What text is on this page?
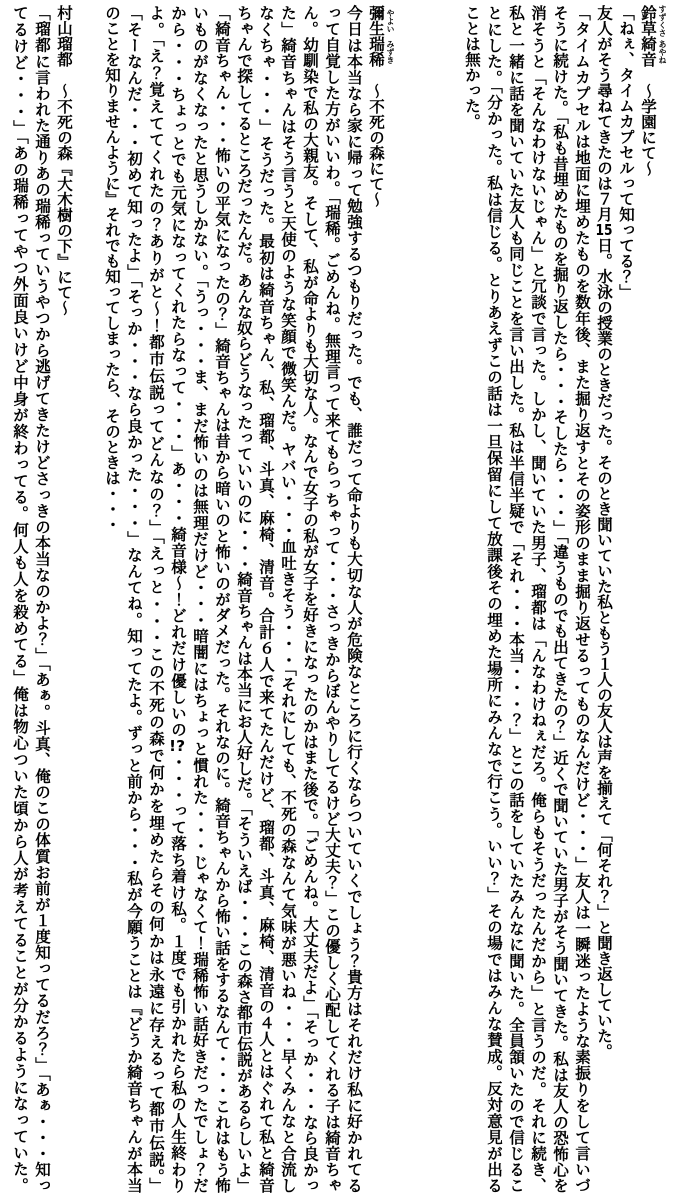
鈴草 すずくさ
綺音 あやね
～学園にて～
「ねぇ、タイムカプセルって知ってる？」
友人がそう尋ねてきたのは７月15日。水泳の授業のときだった。そのとき聞いていた私ともう１人の友人は声を揃えて「何それ？」と聞き返していた。
「タイムカプセルは地面に埋めたものを数年後、また掘り返すとその姿形のまま掘り返せるってものなんだけど・・・」友人は一瞬迷ったような素振りをして言いづ
そうに続けた。「私も昔埋めたものを掘り返したら・・・そしたら・・・」「違うものでも出てきたの？」近くで聞いていた男子がそう聞いてきた。私は友人の恐怖心を
消そうと「そんなわけないじゃん」と冗談で言った。しかし、聞いていた男子、瑠都は「んなわけねぇだろ。俺らもそうだったんだから」と言うのだ。それに続き、
私と一緒に話を聞いていた友人も同じことを言い出した。私は半信半疑で「それ・・・本当・・・？」とこの話をしていたみんなに聞いた。全員頷いたので信じるこ
とにした。「分かった。私は信じる。とりあえずこの話は一旦保留にして放課後その埋めた場所にみんなで行こう。いい？」その場ではみんな賛成。反対意見が出る
ことは無かった。
彌生 やよい
瑞稀 みずき
～不死の森にて～
今日は本当なら家に帰って勉強するつもりだった。でも、誰だって命よりも大切な人が危険なところに行くならついていくでしょう？貴方はそれだけ私に好かれてる
って自覚した方がいいわ。「瑞稀。ごめんね。無理言って来てもらっちゃって・・・さっきからぼんやりしてるけど大丈夫？」この優しく心配してくれる子は綺音ちゃ
ん。幼馴染で私の大親友。そして、私が命よりも大切な人。なんで女子の私が女子を好きになったのかはまた後で。「ごめんね。大丈夫だよ」「そっか・・・なら良かっ
た」綺音ちゃんはそう言うと天使のような笑顔で微笑んだ。ヤバい・・・血吐きそう・・・「それにしても、不死の森なんて気味が悪いね・・・早くみんなと合流し
なくちゃ・・・」そうだった。最初は綺音ちゃん、私、瑠都、斗真、麻椅、清音。合計６人で来てたんだけど、瑠都、斗真、麻椅、清音の４人とはぐれて私と綺音
ちゃんで探してるところだったんだ。あんな奴らどうなったっていいのに・・・綺音ちゃんは本当にお人好しだ。「そういえば・・・この森さ都市伝説があるらしいよ」
「綺音ちゃん・・・怖いの平気になったの？」綺音ちゃんは昔から暗いのと怖いのがダメだった。それなのに。綺音ちゃんから怖い話をするなんて・・・これはもう怖
いものがなくなったと思うしかない。「うっ・・・ま、まだ怖いのは無理だけど・・・暗闇にはちょっと慣れた・・・じゃなくて！瑞稀怖い話好きだったでしょ？だ
から・・・ちょっとでも元気になってくれたらなって・・・」あ・・・綺音様～！どれだけ優しいの!?・・・って落ち着け私。１度でも引かれたら私の人生終わり
よ。「え？覚えててくれたの？ありがと～！都市伝説ってどんなの？」「えっと・・・この不死の森で何かを埋めたらその何かは永遠に存えるって都市伝説。」
「そーなんだ・・・初めて知ったよ」「そっか・・・なら良かった・・・」なんてね。知ってたよ。ずっと前から・・・私が今願うことは『どうか綺音ちゃんが本当
のことを知りませんように』それでも知ってしまったら、そのときは・・・
村山瑠都～不死の森『大木樹の下』にて～
「瑠都に言われた通りあの瑞稀っていうやつから逃げてきたけどさっきの本当なのかよ？」「あぁ。斗真、俺のこの体質お前が１度知ってるだろ？」「あぁ・・・知っ
てるけど・・・」「あの瑞稀ってやつ外面良いけど中身が終わってる。何人も人を殺めてる」俺は物心ついた頃から人が考えてることが分かるようになっていた。
